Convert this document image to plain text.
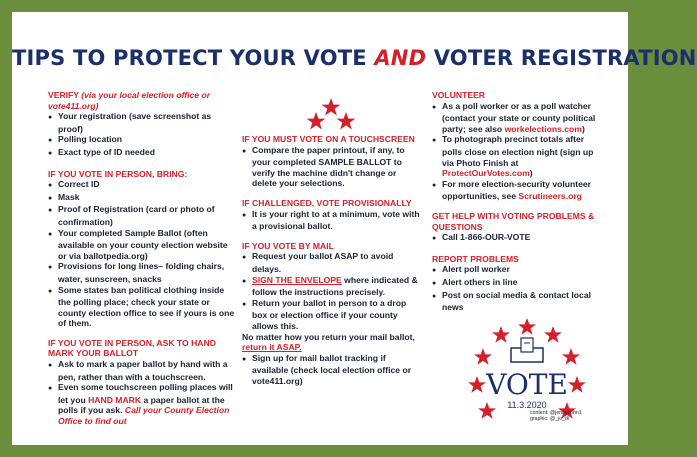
TIPS TO PROTECT YOUR VOTE AND VOTER REGISTRATION

VERIFY (via your local election office or vote411.org)

● Your registration (save screenshot as proof)

● Polling location

● Exact type of ID needed

IF YOU VOTE IN PERSON, BRING:

● Correct ID

● Mask

● Proof of Registration (card or photo of confirmation)

● Your completed Sample Ballot (often available on your county election website or via ballotpedia.org)

● Provisions for long lines– folding chairs, water, sunscreen, snacks

● Some states ban political clothing inside the polling place; check your state or county election office to see if yours is one of them.

IF YOU VOTE IN PERSON, ASK TO HAND MARK YOUR BALLOT

● Ask to mark a paper ballot by hand with a pen, rather than with a touchscreen.

● Even some touchscreen polling places will let you HAND MARK a paper ballot at the polls if you ask. Call your County Election Office to find out

IF YOU MUST VOTE ON A TOUCHSCREEN

● Compare the paper printout, if any, to your completed SAMPLE BALLOT to verify the machine didn't change or delete your selections.

IF CHALLENGED, VOTE PROVISIONALLY

● It is your right to at a minimum, vote with a provisional ballot.

IF YOU VOTE BY MAIL

● Request your ballot ASAP to avoid delays.

● SIGN THE ENVELOPE where indicated & follow the instructions precisely.

● Return your ballot in person to a drop box or election office if your county allows this.

No matter how you return your mail ballot, return it ASAP.

● Sign up for mail ballot tracking if available (check local election office or vote411.org)

VOLUNTEER

● As a poll worker or as a poll watcher (contact your state or county political party; see also workelections.com)

● To photograph precinct totals after polls close on election night (sign up via Photo Finish at ProtectOurVotes.com)

● For more election-security volunteer opportunities, see Scrutineers.org

GET HELP WITH VOTING PROBLEMS & QUESTIONS

● Call 1-866-OUR-VOTE

REPORT PROBLEMS

● Alert poll worker

● Alert others in line

● Post on social media & contact local news

VOTE
11.3.2020
content: @jennycohn1
graphic: @_jo_di
